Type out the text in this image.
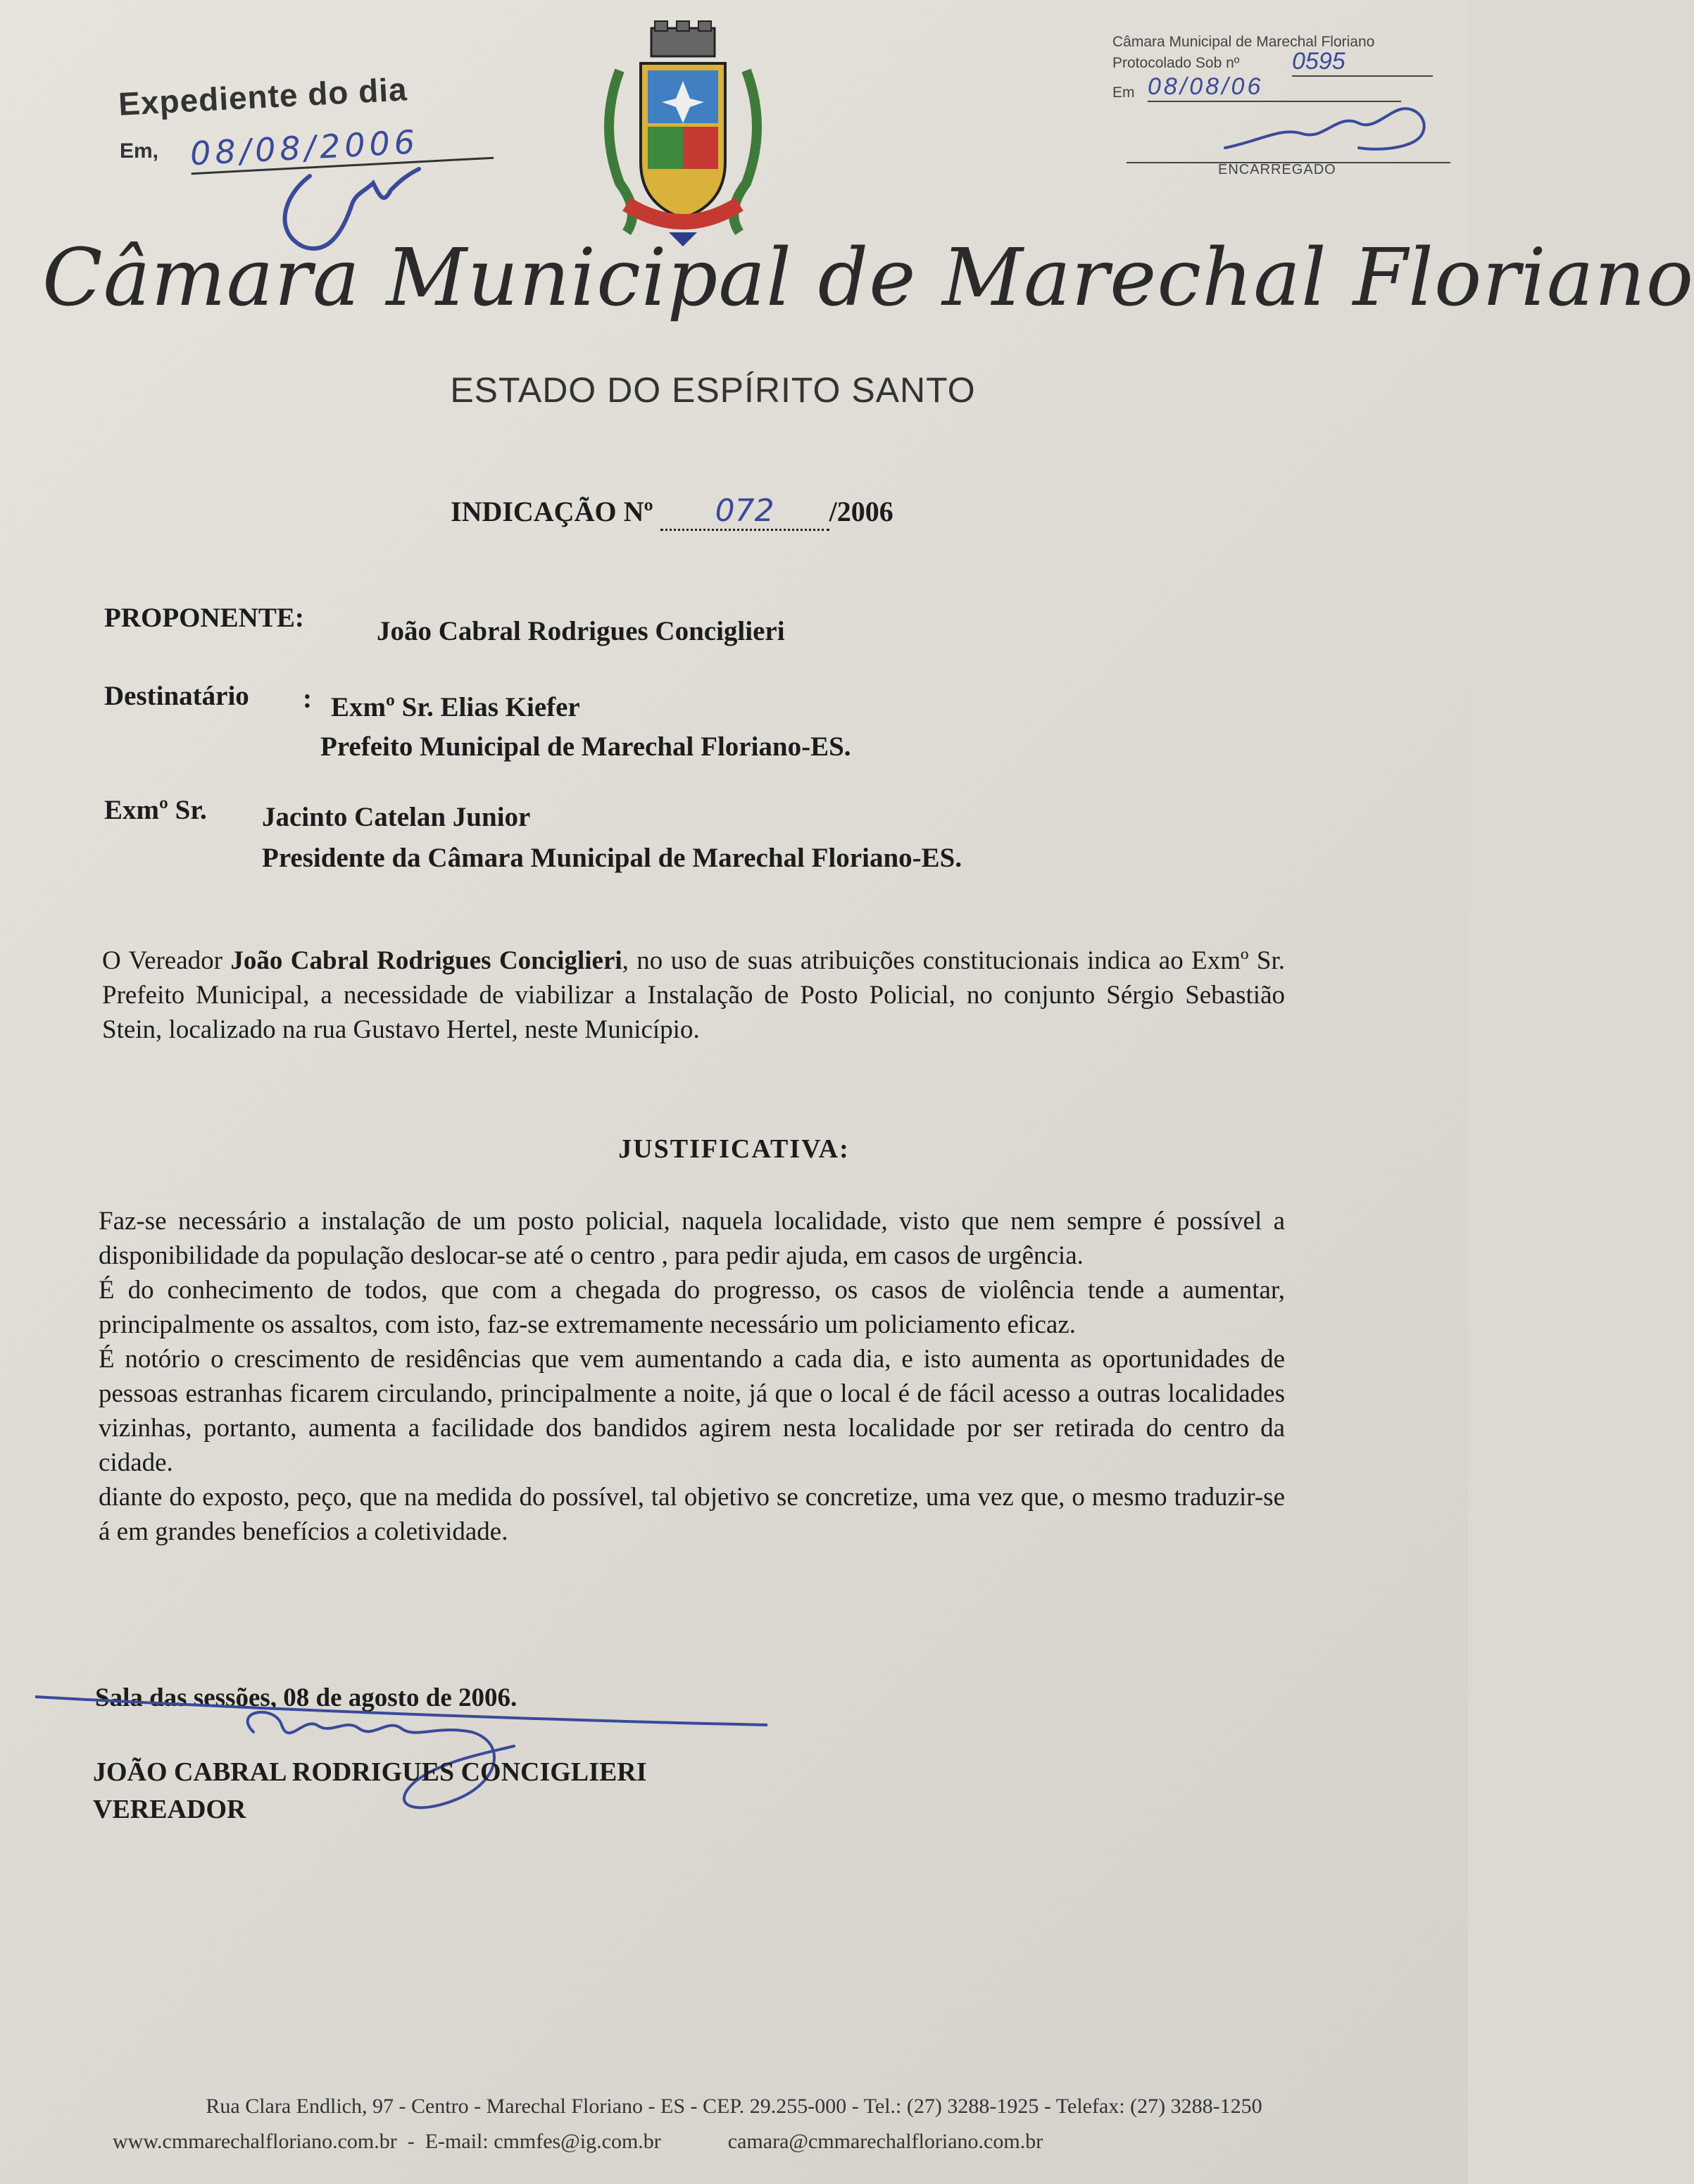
Expediente do dia
Em, 08/08/2006
Câmara Municipal de Marechal Floriano
Protocolado Sob nº 0595
Em 08/08/06
ENCARREGADO
Câmara Municipal de Marechal Floriano
ESTADO DO ESPÍRITO SANTO
INDICAÇÃO Nº 072 /2006
PROPONENTE:	João Cabral Rodrigues Conciglieri
Destinatário : Exmº Sr. Elias Kiefer
Prefeito Municipal de Marechal Floriano-ES.
Exmº Sr. Jacinto Catelan Junior
Presidente da Câmara Municipal de Marechal Floriano-ES.

O Vereador João Cabral Rodrigues Conciglieri, no uso de suas atribuições constitucionais indica ao Exmº Sr. Prefeito Municipal, a necessidade de viabilizar a Instalação de Posto Policial, no conjunto Sérgio Sebastião Stein, localizado na rua Gustavo Hertel, neste Município.

JUSTIFICATIVA:

Faz-se necessário a instalação de um posto policial, naquela localidade, visto que nem sempre é possível a disponibilidade da população deslocar-se até o centro , para pedir ajuda, em casos de urgência.

É do conhecimento de todos, que com a chegada do progresso, os casos de violência tende a aumentar, principalmente os assaltos, com isto, faz-se extremamente necessário um policiamento eficaz.

É notório o crescimento de residências que vem aumentando a cada dia, e isto aumenta as oportunidades de pessoas estranhas ficarem circulando, principalmente a noite, já que o local é de fácil acesso a outras localidades vizinhas, portanto, aumenta a facilidade dos bandidos agirem nesta localidade por ser retirada do centro da cidade.

diante do exposto, peço, que na medida do possível, tal objetivo se concretize, uma vez que, o mesmo traduzir-se á em grandes benefícios a coletividade.

Sala das sessões, 08 de agosto de 2006.
JOÃO CABRAL RODRIGUES CONCIGLIERI
VEREADOR
Rua Clara Endlich, 97 - Centro - Marechal Floriano - ES - CEP. 29.255-000 - Tel.: (27) 3288-1925 - Telefax: (27) 3288-1250
www.cmmarechalfloriano.com.br  -  E-mail: cmmfes@ig.com.br	camara@cmmarechalfloriano.com.br
